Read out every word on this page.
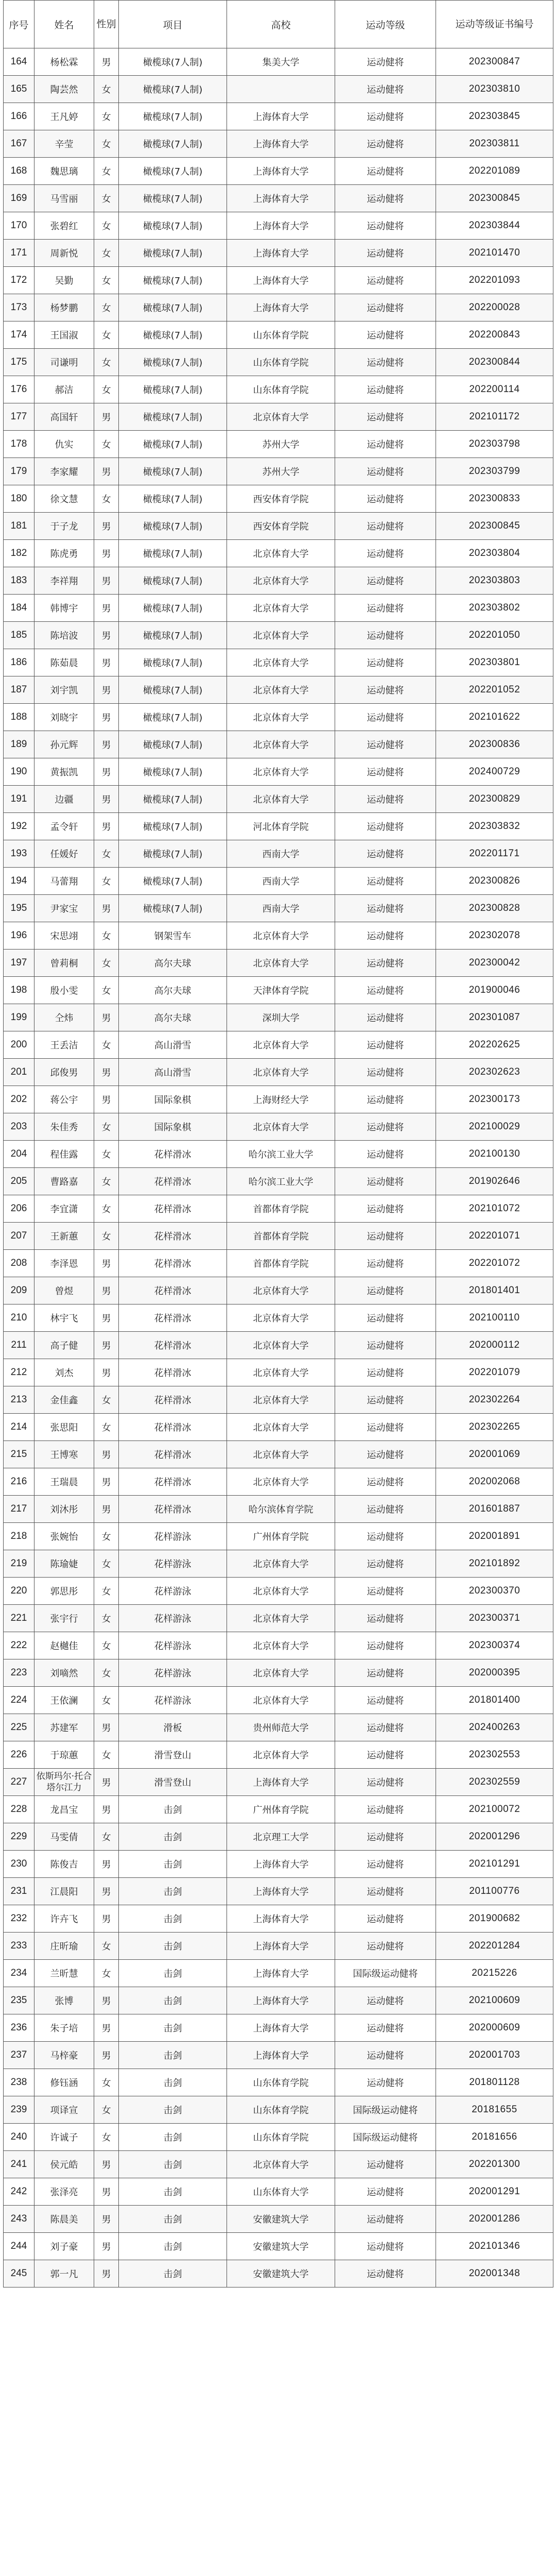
序号	姓名	性别	项目	高校	运动等级	运动等级证书编号
164	杨松霖	男	橄榄球(7人制)	集美大学	运动健将	202300847
165	陶芸然	女	橄榄球(7人制)		运动健将	202303810
166	王凡婷	女	橄榄球(7人制)	上海体育大学	运动健将	202303845
167	辛莹	女	橄榄球(7人制)	上海体育大学	运动健将	202303811
168	魏思璃	女	橄榄球(7人制)	上海体育大学	运动健将	202201089
169	马雪丽	女	橄榄球(7人制)	上海体育大学	运动健将	202300845
170	张碧红	女	橄榄球(7人制)	上海体育大学	运动健将	202303844
171	周新悦	女	橄榄球(7人制)	上海体育大学	运动健将	202101470
172	吴勤	女	橄榄球(7人制)	上海体育大学	运动健将	202201093
173	杨梦鹏	女	橄榄球(7人制)	上海体育大学	运动健将	202200028
174	王国淑	女	橄榄球(7人制)	山东体育学院	运动健将	202200843
175	司谦明	女	橄榄球(7人制)	山东体育学院	运动健将	202300844
176	郝洁	女	橄榄球(7人制)	山东体育学院	运动健将	202200114
177	高国轩	男	橄榄球(7人制)	北京体育大学	运动健将	202101172
178	仇实	女	橄榄球(7人制)	苏州大学	运动健将	202303798
179	李家耀	男	橄榄球(7人制)	苏州大学	运动健将	202303799
180	徐文慧	女	橄榄球(7人制)	西安体育学院	运动健将	202300833
181	于子龙	男	橄榄球(7人制)	西安体育学院	运动健将	202300845
182	陈虎勇	男	橄榄球(7人制)	北京体育大学	运动健将	202303804
183	李祥翔	男	橄榄球(7人制)	北京体育大学	运动健将	202303803
184	韩博宇	男	橄榄球(7人制)	北京体育大学	运动健将	202303802
185	陈培波	男	橄榄球(7人制)	北京体育大学	运动健将	202201050
186	陈茹晨	男	橄榄球(7人制)	北京体育大学	运动健将	202303801
187	刘宇凯	男	橄榄球(7人制)	北京体育大学	运动健将	202201052
188	刘晓宇	男	橄榄球(7人制)	北京体育大学	运动健将	202101622
189	孙元辉	男	橄榄球(7人制)	北京体育大学	运动健将	202300836
190	黄振凯	男	橄榄球(7人制)	北京体育大学	运动健将	202400729
191	边疆	男	橄榄球(7人制)	北京体育大学	运动健将	202300829
192	孟令轩	男	橄榄球(7人制)	河北体育学院	运动健将	202303832
193	任媛好	女	橄榄球(7人制)	西南大学	运动健将	202201171
194	马蕾翔	女	橄榄球(7人制)	西南大学	运动健将	202300826
195	尹家宝	男	橄榄球(7人制)	西南大学	运动健将	202300828
196	宋思翊	女	钢架雪车	北京体育大学	运动健将	202302078
197	曾莉桐	女	高尔夫球	北京体育大学	运动健将	202300042
198	殷小雯	女	高尔夫球	天津体育学院	运动健将	201900046
199	仝炜	男	高尔夫球	深圳大学	运动健将	202301087
200	王丢洁	女	高山滑雪	北京体育大学	运动健将	202202625
201	邱俊男	男	高山滑雪	北京体育大学	运动健将	202302623
202	蒋公宇	男	国际象棋	上海财经大学	运动健将	202300173
203	朱佳秀	女	国际象棋	北京体育大学	运动健将	202100029
204	程佳露	女	花样滑冰	哈尔滨工业大学	运动健将	202100130
205	曹路嘉	女	花样滑冰	哈尔滨工业大学	运动健将	201902646
206	李宜潇	女	花样滑冰	首都体育学院	运动健将	202101072
207	王新蕙	女	花样滑冰	首都体育学院	运动健将	202201071
208	李泽恩	男	花样滑冰	首都体育学院	运动健将	202201072
209	曾煜	男	花样滑冰	北京体育大学	运动健将	201801401
210	林宇飞	男	花样滑冰	北京体育大学	运动健将	202100110
211	高子健	男	花样滑冰	北京体育大学	运动健将	202000112
212	刘杰	男	花样滑冰	北京体育大学	运动健将	202201079
213	金佳鑫	女	花样滑冰	北京体育大学	运动健将	202302264
214	张思阳	女	花样滑冰	北京体育大学	运动健将	202302265
215	王博寒	男	花样滑冰	北京体育大学	运动健将	202001069
216	王瑞晨	男	花样滑冰	北京体育大学	运动健将	202002068
217	刘沐彤	男	花样滑冰	哈尔滨体育学院	运动健将	201601887
218	张婉怡	女	花样游泳	广州体育学院	运动健将	202001891
219	陈瑜婕	女	花样游泳	北京体育大学	运动健将	202101892
220	郭思彤	女	花样游泳	北京体育大学	运动健将	202300370
221	张宇行	女	花样游泳	北京体育大学	运动健将	202300371
222	赵樾佳	女	花样游泳	北京体育大学	运动健将	202300374
223	刘嘀然	女	花样游泳	北京体育大学	运动健将	202000395
224	王依澜	女	花样游泳	北京体育大学	运动健将	201801400
225	苏建军	男	滑板	贵州师范大学	运动健将	202400263
226	于琼蕙	女	滑雪登山	北京体育大学	运动健将	202302553
227	依斯玛尔·托合塔尔江力	男	滑雪登山	上海体育大学	运动健将	202302559
228	龙昌宝	男	击剑	广州体育学院	运动健将	202100072
229	马雯倩	女	击剑	北京理工大学	运动健将	202001296
230	陈俊吉	男	击剑	上海体育大学	运动健将	202101291
231	江晨阳	男	击剑	上海体育大学	运动健将	201100776
232	许卉飞	男	击剑	上海体育大学	运动健将	201900682
233	庄昕瑜	女	击剑	上海体育大学	运动健将	202201284
234	兰昕慧	女	击剑	上海体育大学	国际级运动健将	20215226
235	张博	男	击剑	上海体育大学	运动健将	202100609
236	朱子培	男	击剑	上海体育大学	运动健将	202000609
237	马梓豪	男	击剑	上海体育大学	运动健将	202001703
238	修钰涵	女	击剑	山东体育学院	运动健将	201801128
239	项译宣	女	击剑	山东体育学院	国际级运动健将	20181655
240	许诚子	女	击剑	山东体育学院	国际级运动健将	20181656
241	侯元皓	男	击剑	北京体育大学	运动健将	202201300
242	张泽亮	男	击剑	山东体育大学	运动健将	202001291
243	陈晨美	男	击剑	安徽建筑大学	运动健将	202001286
244	刘子豪	男	击剑	安徽建筑大学	运动健将	202101346
245	郭一凡	男	击剑	安徽建筑大学	运动健将	202001348
